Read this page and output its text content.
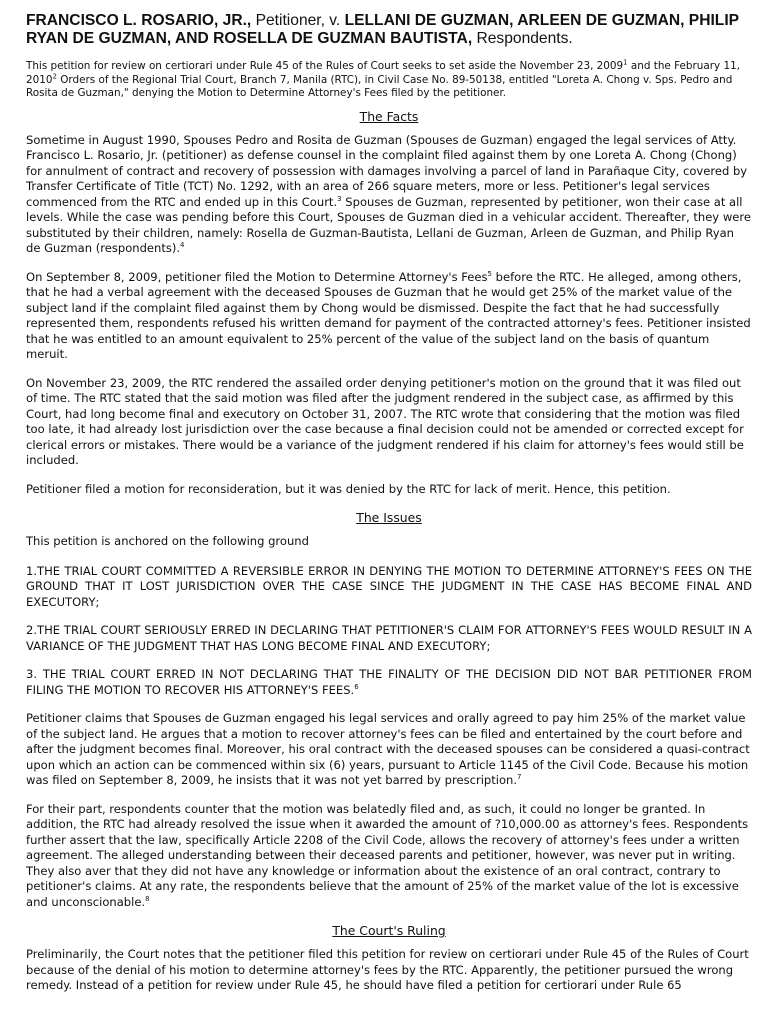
FRANCISCO L. ROSARIO, JR., Petitioner, v. LELLANI DE GUZMAN, ARLEEN DE GUZMAN, PHILIP RYAN DE GUZMAN, AND ROSELLA DE GUZMAN BAUTISTA, Respondents.

This petition for review on certiorari under Rule 45 of the Rules of Court seeks to set aside the November 23, 2009$^1$ and the February 11, 2010$^2$ Orders of the Regional Trial Court, Branch 7, Manila (RTC), in Civil Case No. 89-50138, entitled "Loreta A. Chong v. Sps. Pedro and Rosita de Guzman," denying the Motion to Determine Attorney's Fees filed by the petitioner.

The Facts

Sometime in August 1990, Spouses Pedro and Rosita de Guzman (Spouses de Guzman) engaged the legal services of Atty. Francisco L. Rosario, Jr. (petitioner) as defense counsel in the complaint filed against them by one Loreta A. Chong (Chong) for annulment of contract and recovery of possession with damages involving a parcel of land in Parañaque City, covered by Transfer Certificate of Title (TCT) No. 1292, with an area of 266 square meters, more or less. Petitioner's legal services commenced from the RTC and ended up in this Court.$^3$ Spouses de Guzman, represented by petitioner, won their case at all levels. While the case was pending before this Court, Spouses de Guzman died in a vehicular accident. Thereafter, they were substituted by their children, namely: Rosella de Guzman-Bautista, Lellani de Guzman, Arleen de Guzman, and Philip Ryan de Guzman (respondents).$^4$

On September 8, 2009, petitioner filed the Motion to Determine Attorney's Fees$^5$ before the RTC. He alleged, among others, that he had a verbal agreement with the deceased Spouses de Guzman that he would get 25% of the market value of the subject land if the complaint filed against them by Chong would be dismissed. Despite the fact that he had successfully represented them, respondents refused his written demand for payment of the contracted attorney's fees. Petitioner insisted that he was entitled to an amount equivalent to 25% percent of the value of the subject land on the basis of quantum meruit.

On November 23, 2009, the RTC rendered the assailed order denying petitioner's motion on the ground that it was filed out of time. The RTC stated that the said motion was filed after the judgment rendered in the subject case, as affirmed by this Court, had long become final and executory on October 31, 2007. The RTC wrote that considering that the motion was filed too late, it had already lost jurisdiction over the case because a final decision could not be amended or corrected except for clerical errors or mistakes. There would be a variance of the judgment rendered if his claim for attorney's fees would still be included.

Petitioner filed a motion for reconsideration, but it was denied by the RTC for lack of merit. Hence, this petition.

The Issues

This petition is anchored on the following ground

1.THE TRIAL COURT COMMITTED A REVERSIBLE ERROR IN DENYING THE MOTION TO DETERMINE ATTORNEY'S FEES ON THE GROUND THAT IT LOST JURISDICTION OVER THE CASE SINCE THE JUDGMENT IN THE CASE HAS BECOME FINAL AND EXECUTORY;

2.THE TRIAL COURT SERIOUSLY ERRED IN DECLARING THAT PETITIONER'S CLAIM FOR ATTORNEY'S FEES WOULD RESULT IN A VARIANCE OF THE JUDGMENT THAT HAS LONG BECOME FINAL AND EXECUTORY;

3. THE TRIAL COURT ERRED IN NOT DECLARING THAT THE FINALITY OF THE DECISION DID NOT BAR PETITIONER FROM FILING THE MOTION TO RECOVER HIS ATTORNEY'S FEES.$^6$

Petitioner claims that Spouses de Guzman engaged his legal services and orally agreed to pay him 25% of the market value of the subject land. He argues that a motion to recover attorney's fees can be filed and entertained by the court before and after the judgment becomes final. Moreover, his oral contract with the deceased spouses can be considered a quasi-contract upon which an action can be commenced within six (6) years, pursuant to Article 1145 of the Civil Code. Because his motion was filed on September 8, 2009, he insists that it was not yet barred by prescription.$^7$

For their part, respondents counter that the motion was belatedly filed and, as such, it could no longer be granted. In addition, the RTC had already resolved the issue when it awarded the amount of ?10,000.00 as attorney's fees. Respondents further assert that the law, specifically Article 2208 of the Civil Code, allows the recovery of attorney's fees under a written agreement. The alleged understanding between their deceased parents and petitioner, however, was never put in writing. They also aver that they did not have any knowledge or information about the existence of an oral contract, contrary to petitioner's claims. At any rate, the respondents believe that the amount of 25% of the market value of the lot is excessive and unconscionable.$^8$

The Court's Ruling

Preliminarily, the Court notes that the petitioner filed this petition for review on certiorari under Rule 45 of the Rules of Court because of the denial of his motion to determine attorney's fees by the RTC. Apparently, the petitioner pursued the wrong remedy. Instead of a petition for review under Rule 45, he should have filed a petition for certiorari under Rule 65
